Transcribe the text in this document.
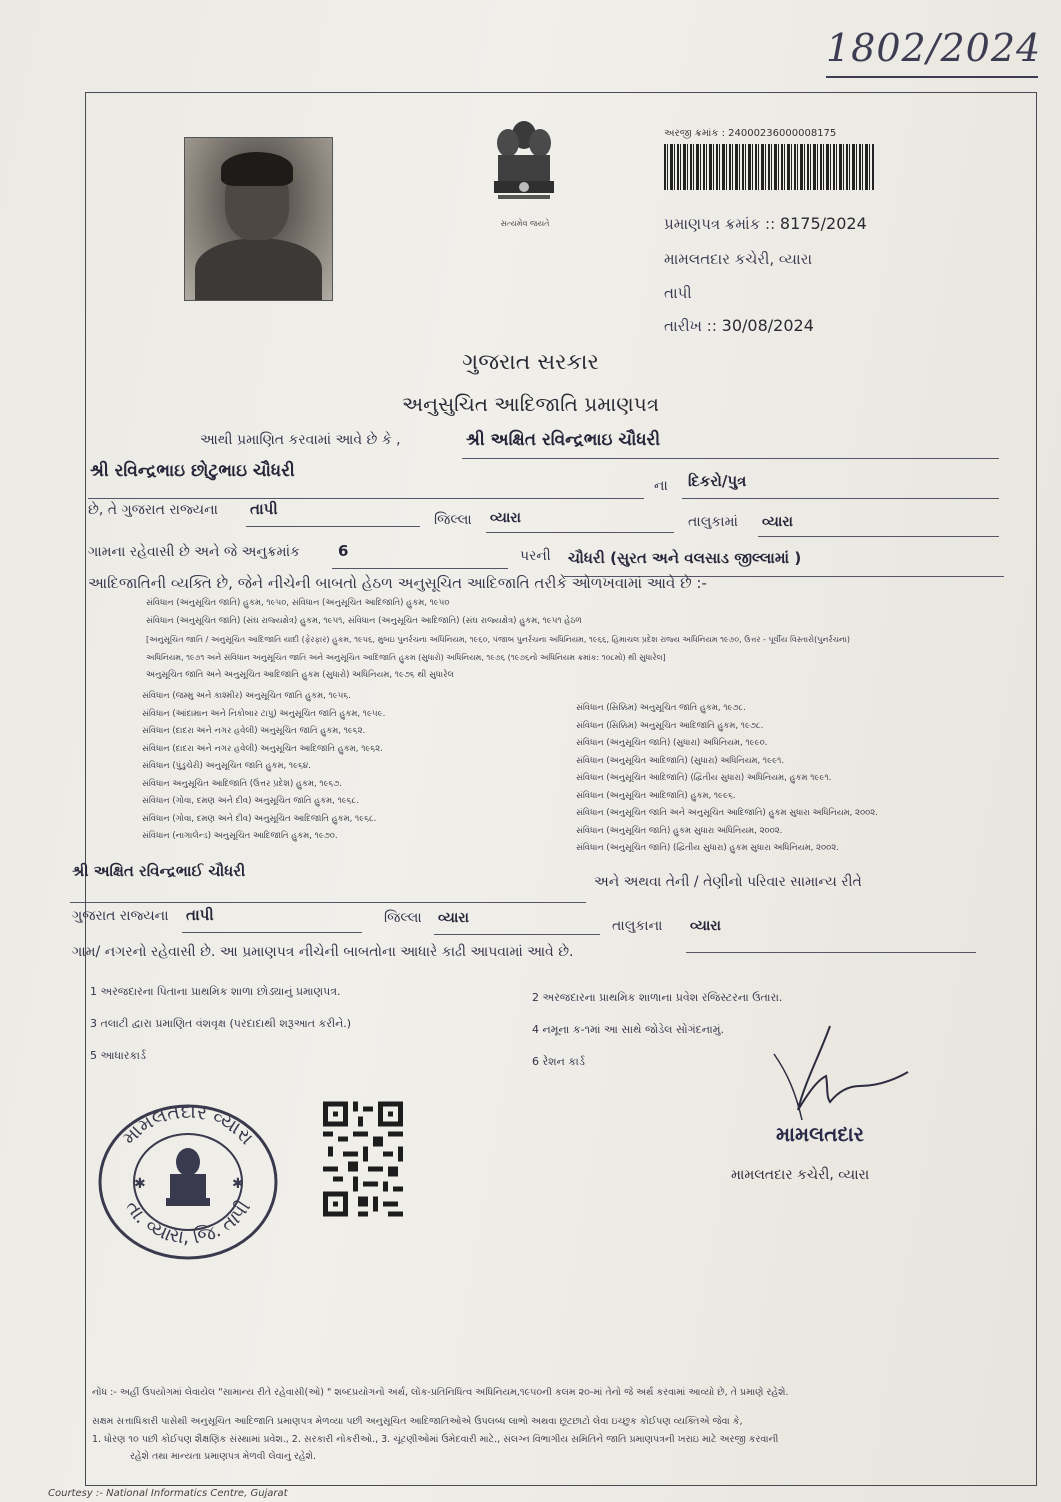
1802/2024
સત્યમેવ જયતે
અરજી ક્રમાંક : 24000236000008175
પ્રમાણપત્ર ક્રમાંક :: 8175/2024
મામલતદાર કચેરી, વ્યારા
તાપી
તારીખ :: 30/08/2024
ગુજરાત સરકાર
અનુસુચિત આદિજાતિ પ્રમાણપત્ર
આથી પ્રમાણિત કરવામાં આવે છે કે ,	શ્રી અક્ષિત રવિન્દ્રભાઇ ચૌધરી
શ્રી રવિન્દ્રભાઇ છોટુભાઇ ચૌધરી
ના દિકરો/પુત્ર
છે, તે ગુજરાત રાજ્યના તાપી
જિલ્લા વ્યારા	તાલુકામાં વ્યારા
ગામના રહેવાસી છે અને જે અનુક્રમાંક	6	પરની ચૌધરી (સુરત અને વલસાડ જીલ્લામાં )
આદિજાતિની વ્યક્તિ છે, જેને નીચેની બાબતો હેઠળ અનુસૂચિત આદિજાતિ તરીકે ઓળખવામાં આવે છે :-
સંવિધાન (અનુસૂચિત જાતિ) હુકમ, ૧૯૫૦, સંવિધાન (અનુસૂચિત આદિજાતિ) હુકમ, ૧૯૫૦
સંવિધાન (અનુસૂચિત જાતિ) (સંઘ રાજ્યક્ષેત્ર) હુકમ, ૧૯૫૧, સંવિધાન (અનુસૂચિત આદિજાતિ) (સંઘ રાજ્યક્ષેત્ર) હુકમ, ૧૯૫૧ હેઠળ
[અનુસૂચિત જાતિ / અનુસૂચિત આદિજાતિ યાદી (ફેરફાર) હુકમ, ૧૯૫૬, મુંબઇ પુનર્રચના અધિનિયમ, ૧૯૬૦, પંજાબ પુનર્રચના અધિનિયમ, ૧૯૬૬, હિમાચલ પ્રદેશ રાજ્ય અધિનિયમ ૧૯૭૦, ઉત્તર - પૂર્વીય વિસ્તારો(પુનર્રચના)
અધિનિયમ, ૧૯૭૧ અને સંવિધાન અનુસૂચિત જાતિ અને અનુસૂચિત આદિજાતિ હુકમ (સુધારો) અધિનિયમ, ૧૯૭૬ (૧૯૭૬નો અધિનિયમ ક્રમાંક: ૧૦૮મો) થી સુધારેલ]
અનુસૂચિત જાતિ અને અનુસૂચિત આદિજાતિ હુકમ (સુધારો) અધિનિયમ, ૧૯૭૬ થી સુધારેલ
સંવિધાન (જમ્મુ અને કાશ્મીર) અનુસૂચિત જાતિ હુકમ, ૧૯૫૬.
સંવિધાન (આંદામાન અને નિકોબાર ટાપુ) અનુસૂચિત જાતિ હુકમ, ૧૯૫૯.
સંવિધાન (દાદરા અને નગર હવેલી) અનુસૂચિત જાતિ હુકમ, ૧૯૬૨.
સંવિધાન (દાદરા અને નગર હવેલી) અનુસૂચિત આદિજાતિ હુકમ, ૧૯૬૨.
સંવિધાન (પુંડુચેરી) અનુસૂચિત જાતિ હુકમ, ૧૯૬૪.
સંવિધાન અનુસૂચિત આદિજાતિ (ઉત્તર પ્રદેશ) હુકમ, ૧૯૬૭.
સંવિધાન (ગોવા, દમણ અને દીવ) અનુસૂચિત જાતિ હુકમ, ૧૯૬૮.
સંવિધાન (ગોવા, દમણ અને દીવ) અનુસૂચિત આદિજાતિ હુકમ, ૧૯૬૮.
સંવિધાન (નાગાલેન્ડ) અનુસૂચિત આદિજાતિ હુકમ, ૧૯૭૦.
સંવિધાન (સિક્કિમ) અનુસૂચિત જાતિ હુકમ, ૧૯૭૮.
સંવિધાન (સિક્કિમ) અનુસૂચિત આદિજાતિ હુકમ, ૧૯૭૮.
સંવિધાન (અનુસૂચિત જાતિ) (સુધારા) અધિનિયમ, ૧૯૯૦.
સંવિધાન (અનુસૂચિત આદિજાતિ) (સુધારા) અધિનિયમ, ૧૯૯૧.
સંવિધાન (અનુસૂચિત આદિજાતિ) (દ્વિતીય સુધારા) અધિનિયમ, હુકમ ૧૯૯૧.
સંવિધાન (અનુસૂચિત આદિજાતિ) હુકમ, ૧૯૯૬.
સંવિધાન (અનુસૂચિત જાતિ અને અનુસૂચિત આદિજાતિ) હુકમ સુધારા અધિનિયમ, ૨૦૦૨.
સંવિધાન (અનુસૂચિત જાતિ) હુકમ સુધારા અધિનિયમ, ૨૦૦૨.
સંવિધાન (અનુસૂચિત જાતિ) (દ્વિતીય સુધારા) હુકમ સુધારા અધિનિયમ, ૨૦૦૨.
શ્રી અક્ષિત રવિન્દ્રભાઈ ચૌધરી
અને અથવા તેની / તેણીનો પરિવાર સામાન્ય રીતે
ગુજરાત રાજ્યના તાપી	જિલ્લા વ્યારા	તાલુકાના વ્યારા
ગામ/ નગરનો રહેવાસી છે. આ પ્રમાણપત્ર નીચેની બાબતોના આધારે કાઢી આપવામાં આવે છે.
1 અરજદારના પિતાના પ્રાથમિક શાળા છોડ્યાનું પ્રમાણપત્ર.
3 તલાટી દ્વારા પ્રમાણિત વંશવૃક્ષ (પરદાદાથી શરૂઆત કરીને.)
5 આધારકાર્ડ
2 અરજદારના પ્રાથમિક શાળાના પ્રવેશ રજિસ્ટરના ઉતારા.
4 નમૂના ક-૧માં આ સાથે જોડેલ સોગંદનામું.
6 રેશન કાર્ડ
મામલતદાર વ્યારા
તા. વ્યારા, જિ. તાપી
✱	✱
મામલતદાર
મામલતદાર કચેરી, વ્યારા
નોંધ :- અહીં ઉપયોગમાં લેવાયેલ "સામાન્ય રીતે રહેવાસી(ઓ) " શબ્દપ્રયોગનો અર્થ, લોક-પ્રતિનિધિત્વ અધિનિયમ,૧૯૫૦ની કલમ ૨૦-માં તેનો જે અર્થ કરવામાં આવ્યો છે, તે પ્રમાણે રહેશે.
સક્ષમ સત્તાધિકારી પાસેથી અનુસૂચિત આદિજાતિ પ્રમાણપત્ર મેળવ્યા પછી અનુસૂચિત આદિજાતિઓએ ઉપલબ્ધ લાભો અથવા છૂટછાટો લેવા ઇચ્છુક કોઈપણ વ્યક્તિએ જેવા કે,
1. ધોરણ ૧૦ પછી કોઈપણ શૈક્ષણિક સંસ્થામાં પ્રવેશ., 2. સરકારી નોકરીઓ., 3. ચૂંટણીઓમાં ઉમેદવારી માટે., સંલગ્ન વિભાગીય સમિતિને જાતિ પ્રમાણપત્રની ખરાઇ માટે અરજી કરવાની
રહેશે તથા માન્યતા પ્રમાણપત્ર મેળવી લેવાનું રહેશે.
Courtesy :- National Informatics Centre, Gujarat
